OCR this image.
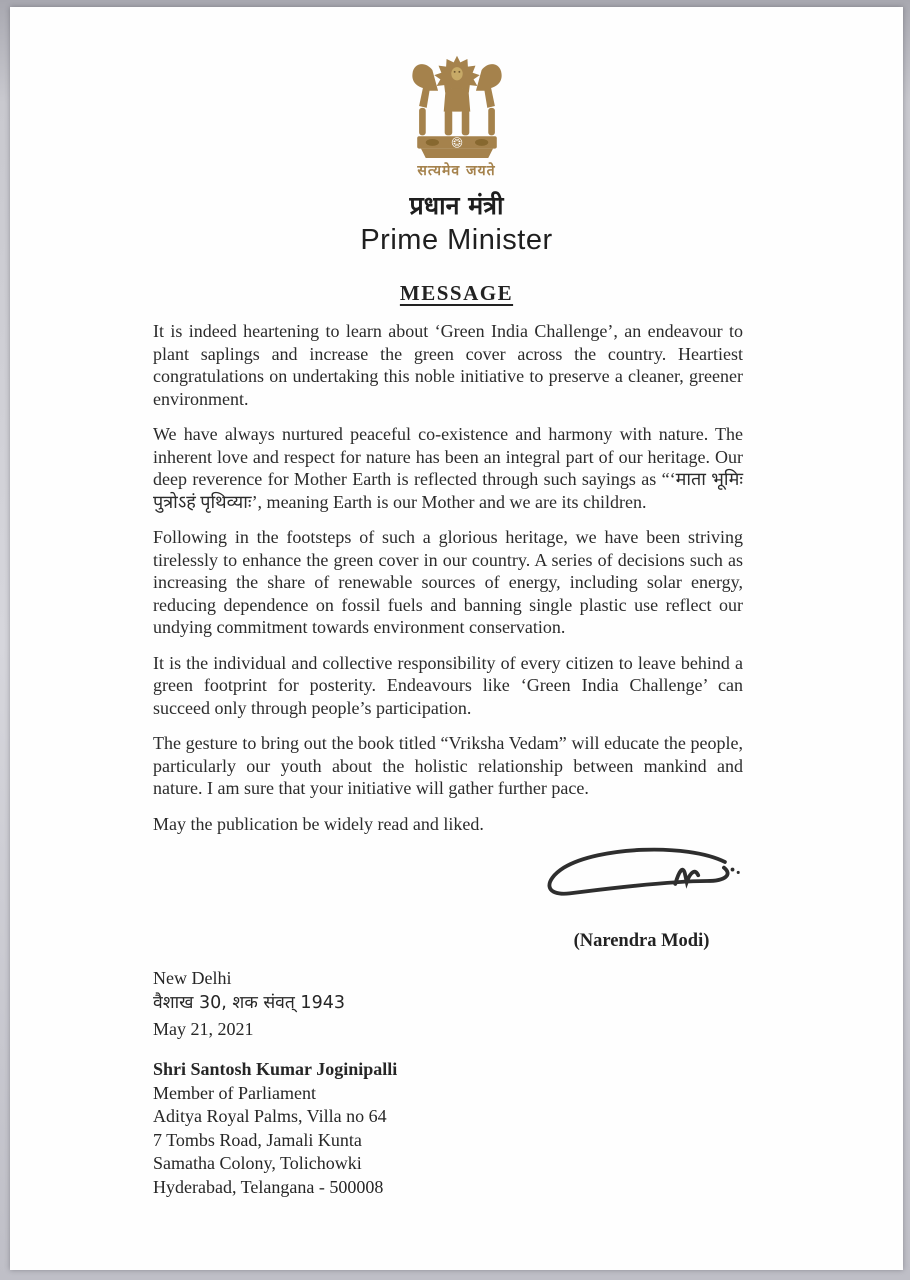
सत्यमेव जयते
प्रधान मंत्री
Prime Minister
MESSAGE

It is indeed heartening to learn about ‘Green India Challenge’, an endeavour to plant saplings and increase the green cover across the country. Heartiest congratulations on undertaking this noble initiative to preserve a cleaner, greener environment.

We have always nurtured peaceful co-existence and harmony with nature. The inherent love and respect for nature has been an integral part of our heritage. Our deep reverence for Mother Earth is reflected through such sayings as “‘माता भूमिः पुत्रोऽहं पृथिव्याः’, meaning Earth is our Mother and we are its children.

Following in the footsteps of such a glorious heritage, we have been striving tirelessly to enhance the green cover in our country. A series of decisions such as increasing the share of renewable sources of energy, including solar energy, reducing dependence on fossil fuels and banning single plastic use reflect our undying commitment towards environment conservation.

It is the individual and collective responsibility of every citizen to leave behind a green footprint for posterity. Endeavours like ‘Green India Challenge’ can succeed only through people’s participation.

The gesture to bring out the book titled “Vriksha Vedam” will educate the people, particularly our youth about the holistic relationship between mankind and nature. I am sure that your initiative will gather further pace.

May the publication be widely read and liked.

(Narendra Modi)
New Delhi
वैशाख 30, शक संवत् 1943
May 21, 2021
Shri Santosh Kumar Joginipalli
Member of Parliament
Aditya Royal Palms, Villa no 64
7 Tombs Road, Jamali Kunta
Samatha Colony, Tolichowki
Hyderabad, Telangana - 500008
